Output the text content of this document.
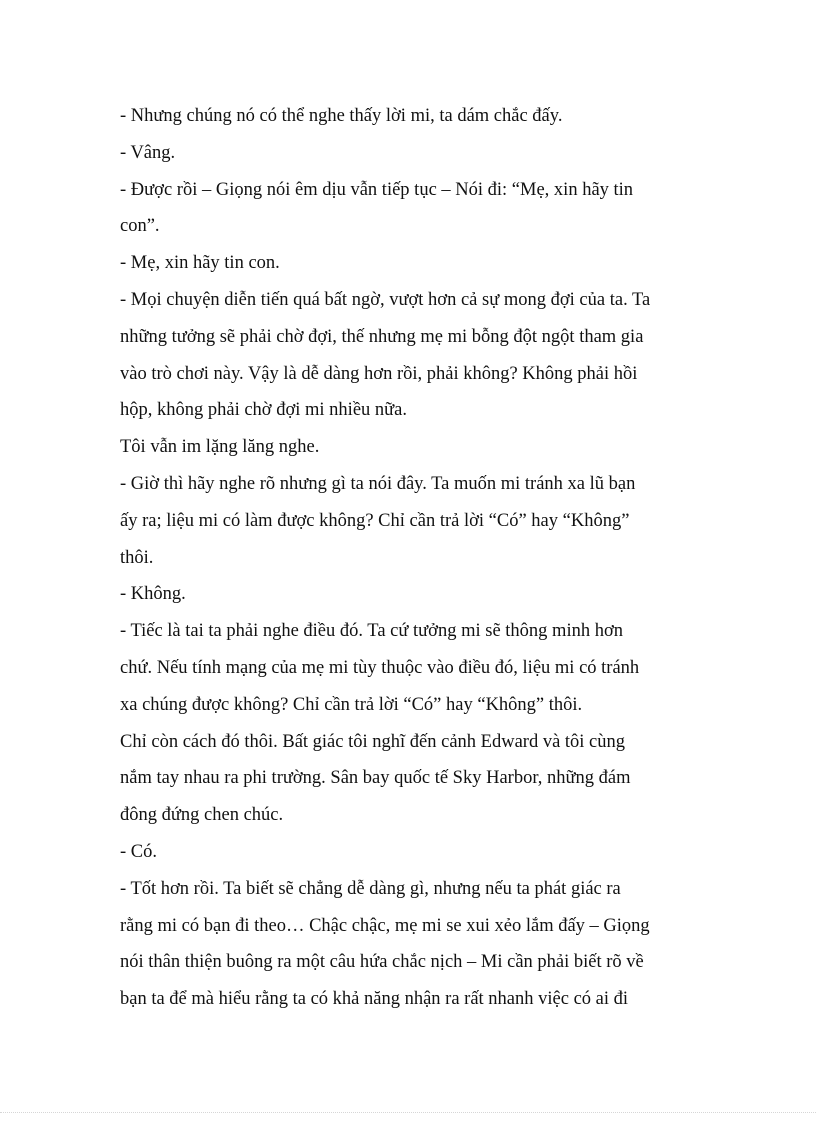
- Nhưng chúng nó có thể nghe thấy lời mi, ta dám chắc đấy.
- Vâng.
- Được rồi – Giọng nói êm dịu vẫn tiếp tục – Nói đi: “Mẹ, xin hãy tin
con”.
- Mẹ, xin hãy tin con.
- Mọi chuyện diễn tiến quá bất ngờ, vượt hơn cả sự mong đợi của ta. Ta
những tưởng sẽ phải chờ đợi, thế nhưng mẹ mi bỗng đột ngột tham gia
vào trò chơi này. Vậy là dễ dàng hơn rồi, phải không? Không phải hồi
hộp, không phải chờ đợi mi nhiều nữa.
Tôi vẫn im lặng lăng nghe.
- Giờ thì hãy nghe rõ nhưng gì ta nói đây. Ta muốn mi tránh xa lũ bạn
ấy ra; liệu mi có làm được không? Chỉ cần trả lời “Có” hay “Không”
thôi.
- Không.
- Tiếc là tai ta phải nghe điều đó. Ta cứ tưởng mi sẽ thông minh hơn
chứ. Nếu tính mạng của mẹ mi tùy thuộc vào điều đó, liệu mi có tránh
xa chúng được không? Chỉ cần trả lời “Có” hay “Không” thôi.
Chỉ còn cách đó thôi. Bất giác tôi nghĩ đến cảnh Edward và tôi cùng
nắm tay nhau ra phi trường. Sân bay quốc tế Sky Harbor, những đám
đông đứng chen chúc.
- Có.
- Tốt hơn rồi. Ta biết sẽ chẳng dễ dàng gì, nhưng nếu ta phát giác ra
rằng mi có bạn đi theo… Chậc chậc, mẹ mi se xui xẻo lắm đấy – Giọng
nói thân thiện buông ra một câu hứa chắc nịch – Mi cần phải biết rõ về
bạn ta để mà hiểu rằng ta có khả năng nhận ra rất nhanh việc có ai đi
